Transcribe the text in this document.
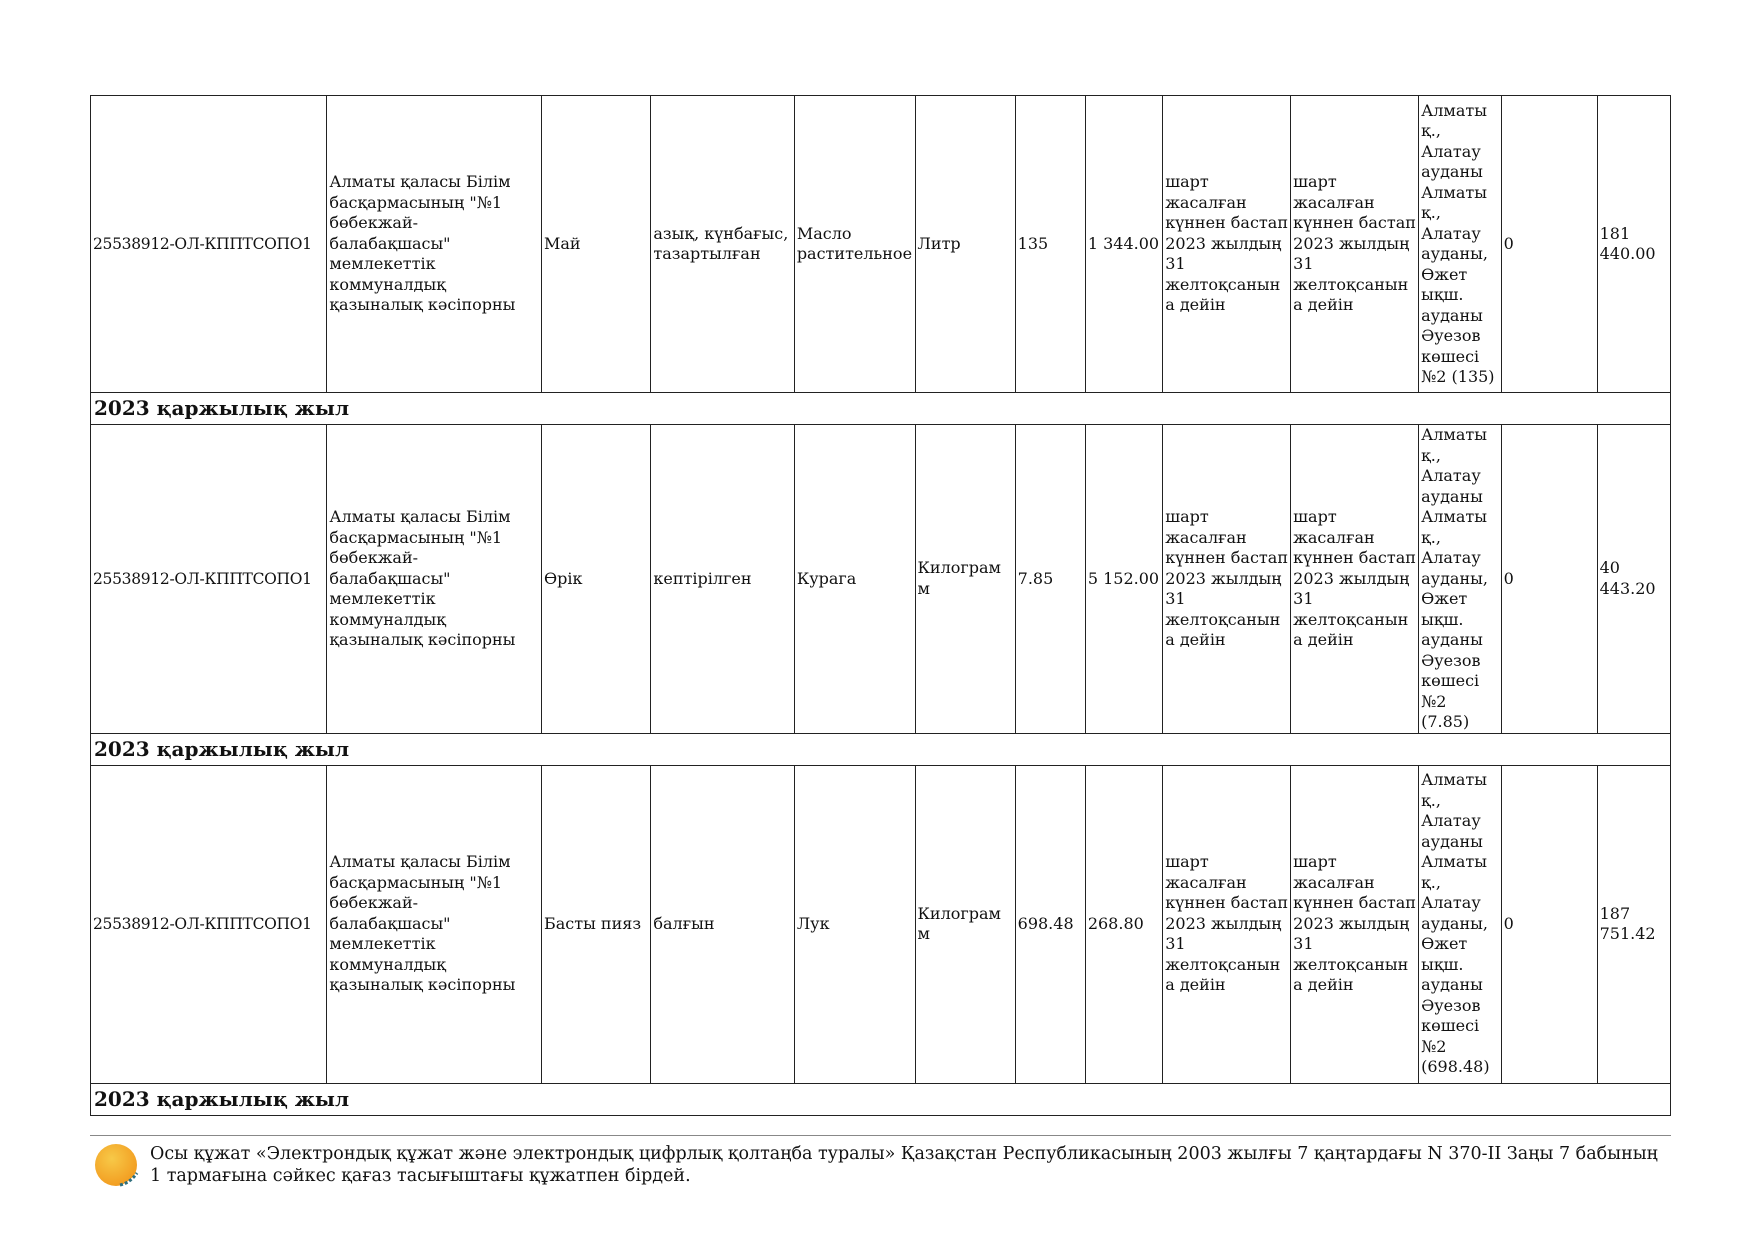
25538912-ОЛ-КППТСОПО1	Алматы қаласы Білім басқармасының "№1 бөбекжай-балабақшасы" мемлекеттік коммуналдық қазыналық кәсіпорны	Май	азық, күнбағыс, тазартылған	Масло растительное	Литр	135	1 344.00	шарт жасалған күннен бастап 2023 жылдың 31 желтоқсанына дейін	шарт жасалған күннен бастап 2023 жылдың 31 желтоқсанына дейін	Алматы қ., Алатау ауданы Алматы қ., Алатау ауданы, Өжет ықш. ауданы Әуезов көшесі №2 (135)	0	181 440.00
2023 қаржылық жыл												
25538912-ОЛ-КППТСОПО1	Алматы қаласы Білім басқармасының "№1 бөбекжай-балабақшасы" мемлекеттік коммуналдық қазыналық кәсіпорны	Өрік	кептірілген	Курага	Килограмм	7.85	5 152.00	шарт жасалған күннен бастап 2023 жылдың 31 желтоқсанына дейін	шарт жасалған күннен бастап 2023 жылдың 31 желтоқсанына дейін	Алматы қ., Алатау ауданы Алматы қ., Алатау ауданы, Өжет ықш. ауданы Әуезов көшесі №2 (7.85)	0	40 443.20
2023 қаржылық жыл												
25538912-ОЛ-КППТСОПО1	Алматы қаласы Білім басқармасының "№1 бөбекжай-балабақшасы" мемлекеттік коммуналдық қазыналық кәсіпорны	Басты пияз	балғын	Лук	Килограмм	698.48	268.80	шарт жасалған күннен бастап 2023 жылдың 31 желтоқсанына дейін	шарт жасалған күннен бастап 2023 жылдың 31 желтоқсанына дейін	Алматы қ., Алатау ауданы Алматы қ., Алатау ауданы, Өжет ықш. ауданы Әуезов көшесі №2 (698.48)	0	187 751.42
2023 қаржылық жыл												
Осы құжат «Электрондық құжат және электрондық цифрлық қолтаңба туралы» Қазақстан Республикасының 2003 жылғы 7 қаңтардағы N 370-II Заңы 7 бабының 1 тармағына сәйкес қағаз тасығыштағы құжатпен бірдей.
